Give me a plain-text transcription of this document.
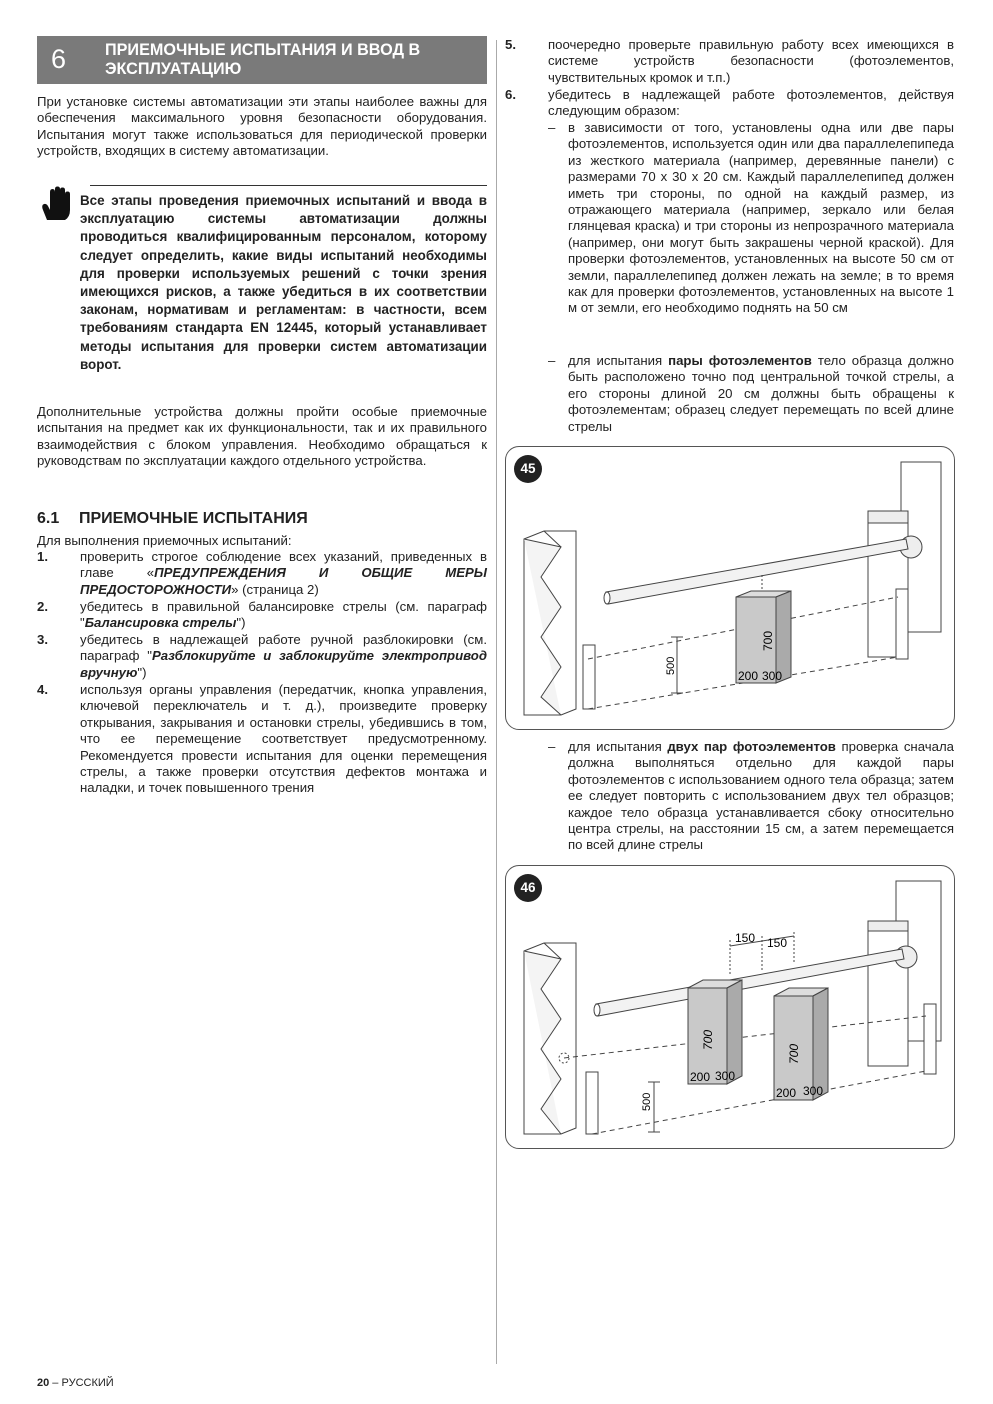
6 ПРИЕМОЧНЫЕ ИСПЫТАНИЯ И ВВОД В ЭКСПЛУАТАЦИЮ
При установке системы автоматизации эти этапы наиболее важны для обеспечения максимального уровня безопасности оборудования. Испытания могут также использоваться для периодической проверки устройств, входящих в систему автоматизации.
Все этапы проведения приемочных испытаний и ввода в эксплуатацию системы автоматизации должны проводиться квалифицированным персоналом, которому следует определить, какие виды испытаний необходимы для проверки используемых решений с точки зрения имеющихся рисков, а также убедиться в их соответствии законам, нормативам и регламентам: в частности, всем требованиям стандарта EN 12445, который устанавливает методы испытания для проверки систем автоматизации ворот.
Дополнительные устройства должны пройти особые приемочные испытания на предмет как их функциональности, так и их правильного взаимодействия с блоком управления. Необходимо обращаться к руководствам по эксплуатации каждого отдельного устройства.
6.1 ПРИЕМОЧНЫЕ ИСПЫТАНИЯ
Для выполнения приемочных испытаний:
1. проверить строгое соблюдение всех указаний, приведенных в главе «ПРЕДУПРЕЖДЕНИЯ И ОБЩИЕ МЕРЫ ПРЕДОСТОРОЖНОСТИ» (страница 2)
2. убедитесь в правильной балансировке стрелы (см. параграф "Балансировка стрелы")
3. убедитесь в надлежащей работе ручной разблокировки (см. параграф "Разблокируйте и заблокируйте электропривод вручную")
4. используя органы управления (передатчик, кнопка управления, ключевой переключатель и т. д.), произведите проверку открывания, закрывания и остановки стрелы, убедившись в том, что ее перемещение соответствует предусмотренному. Рекомендуется провести испытания для оценки перемещения стрелы, а также проверки отсутствия дефектов монтажа и наладки, и точек повышенного трения
5. поочередно проверьте правильную работу всех имеющихся в системе устройств безопасности (фотоэлементов, чувствительных кромок и т.п.)
6. убедитесь в надлежащей работе фотоэлементов, действуя следующим образом:
– в зависимости от того, установлены одна или две пары фотоэлементов, используется один или два параллелепипеда из жесткого материала (например, деревянные панели) с размерами 70 х 30 х 20 см. Каждый параллелепипед должен иметь три стороны, по одной на каждый размер, из отражающего материала (например, зеркало или белая глянцевая краска) и три стороны из непрозрачного материала (например, они могут быть закрашены черной краской). Для проверки фотоэлементов, установленных на высоте 50 см от земли, параллелепипед должен лежать на земле; в то время как для проверки фотоэлементов, установленных на высоте 1 м от земли, его необходимо поднять на 50 см
– для испытания пары фотоэлементов тело образца должно быть расположено точно под центральной точкой стрелы, а его стороны длиной 20 см должны быть обращены к фотоэлементам; образец следует перемещать по всей длине стрелы
45
500
700
200 300
– для испытания двух пар фотоэлементов проверка сначала должна выполняться отдельно для каждой пары фотоэлементов с использованием одного тела образца; затем ее следует повторить с использованием двух тел образцов; каждое тело образца устанавливается сбоку относительно центра стрелы, на расстоянии 15 см, а затем перемещается по всей длине стрелы
46
150 150
700
200 300
700
200 300
500
20 – РУССКИЙ
